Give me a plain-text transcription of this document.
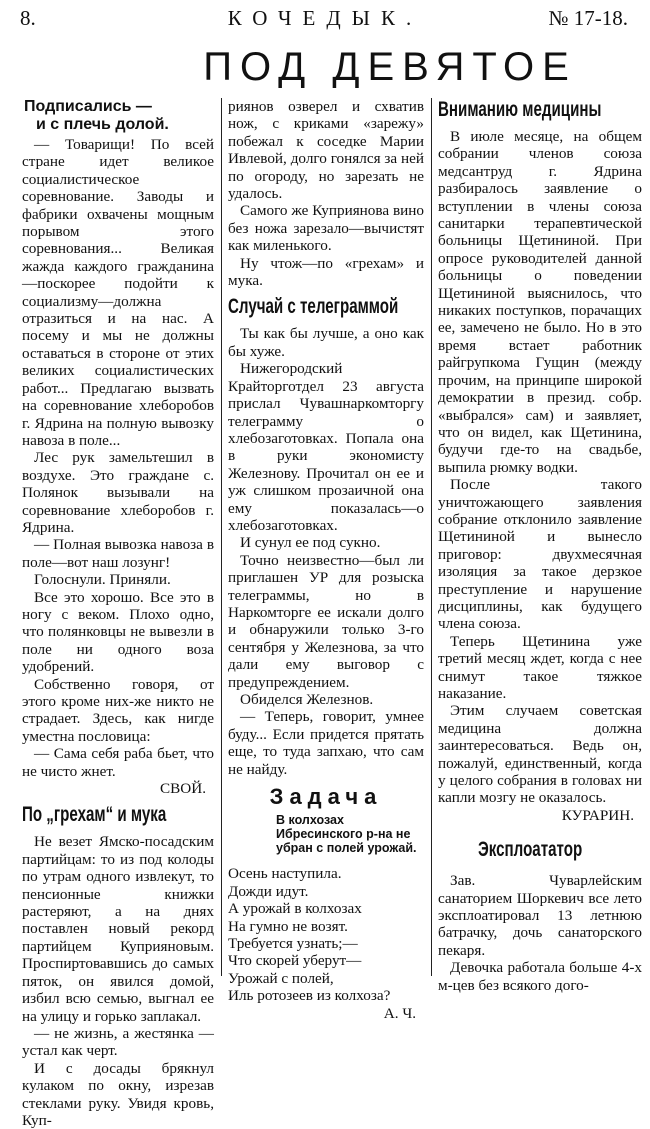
8.	КОЧЕДЫК.	№ 17-18.
ПОД ДЕВЯТОЕ
Подписались —
и с плечь долой.

— Товарищи! По всей стране идет великое социалистическое соревнование. Заводы и фабрики охвачены мощным порывом этого соревнования... Великая жажда каждого гражданина—поскорее подойти к социализму—должна отразиться и на нас. А посему и мы не должны оставаться в стороне от этих великих социалистических работ... Предлагаю вызвать на соревнование хлеборобов г. Ядрина на полную вывозку навоза в поле...

Лес рук замельтешил в воздухе. Это граждане с. Полянок вызывали на соревнование хлеборобов г. Ядрина.

— Полная вывозка навоза в поле—вот наш лозунг!

Голоснули. Приняли.

Все это хорошо. Все это в ногу с веком. Плохо одно, что полянковцы не вывезли в поле ни одного воза удобрений.

Собственно говоря, от этого кроме них-же никто не страдает. Здесь, как нигде уместна пословица:

— Сама себя раба бьет, что не чисто жнет.

СВОЙ.

По „грехам“ и мука

Не везет Ямско-посадским партийцам: то из под колоды по утрам одного извлекут, то пенсионные книжки растеряют, а на днях поставлен новый рекорд партийцем Куприяновым. Проспиртовавшись до самых пяток, он явился домой, избил всю семью, выгнал ее на улицу и горько заплакал.

— не жизнь, а жестянка —устал как черт.

И с досады брякнул кулаком по окну, изрезав стеклами руку. Увидя кровь, Куп-

риянов озверел и схватив нож, с криками «зарежу» побежал к соседке Марии Ивлевой, долго гонялся за ней по огороду, но зарезать не удалось.

Самого же Куприянова вино без ножа зарезало—вычистят как миленького.

Ну чтож—по «грехам» и мука.

Случай с телеграммой

Ты как бы лучше, а оно как бы хуже.

Нижегородский Крайторготдел 23 августа прислал Чувашнаркомторгу телеграмму о хлебозаготовках. Попала она в руки экономисту Железнову. Прочитал он ее и уж слишком прозаичной она ему показалась—о хлебозаготовках.

И сунул ее под сукно.

Точно неизвестно—был ли приглашен УР для розыска телеграммы, но в Наркомторге ее искали долго и обнаружили только 3-го сентября у Железнова, за что дали ему выговор с предупреждением.

Обиделся Железнов.

— Теперь, говорит, умнее буду... Если придется прятать еще, то туда запхаю, что сам не найду.

Задача
В колхозах Ибресинского р-на не убран с полей урожай.

Осень наступила.

Дожди идут.

А урожай в колхозах

На гумно не возят.

Требуется узнать;—

Что скорей уберут—

Урожай с полей,

Иль ротозеев из колхоза?

А. Ч.

Вниманию медицины

В июле месяце, на общем собрании членов союза медсантруд г. Ядрина разбиралось заявление о вступлении в члены союза санитарки терапевтической больницы Щетининой. При опросе руководителей данной больницы о поведении Щетининой выяснилось, что никаких поступков, порачащих ее, замечено не было. Но в это время встает работник райгрупкома Гущин (между прочим, на принципе широкой демократии в презид. собр. «выбрался» сам) и заявляет, что он видел, как Щетинина, будучи где-то на свадьбе, выпила рюмку водки.

После такого уничтожающего заявления собрание отклонило заявление Щетининой и вынесло приговор: двухмесячная изоляция за такое дерзкое преступление и нарушение дисциплины, как будущего члена союза.

Теперь Щетинина уже третий месяц ждет, когда с нее снимут такое тяжкое наказание.

Этим случаем советская медицина должна заинтересоваться. Ведь он, пожалуй, единственный, когда у целого собрания в головах ни капли мозгу не оказалось.

КУРАРИН.

Эксплоататор

Зав. Чуварлейским санаторием Шоркевич все лето эксплоатировал 13 летнюю батрачку, дочь санаторского пекаря.

Девочка работала больше 4-х м-цев без всякого дого-
